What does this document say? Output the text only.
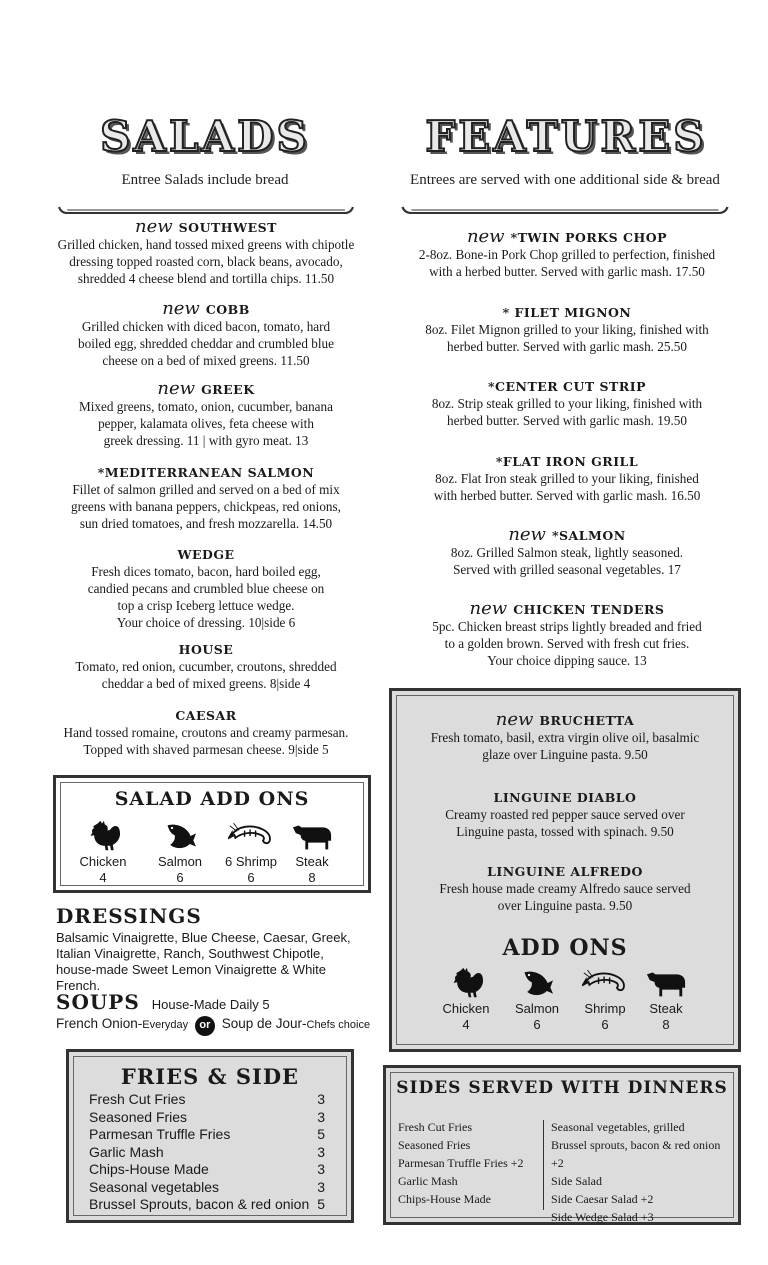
SALADS
Entree Salads include bread
new SOUTHWEST
Grilled chicken, hand tossed mixed greens with chipotle
dressing topped roasted corn, black beans, avocado,
shredded 4 cheese blend and tortilla chips. 11.50
new COBB
Grilled chicken with diced bacon, tomato, hard
boiled egg, shredded cheddar and crumbled blue
cheese on a bed of mixed greens. 11.50
new GREEK
Mixed greens, tomato, onion, cucumber, banana
pepper, kalamata olives, feta cheese with
greek dressing. 11 | with gyro meat. 13
*MEDITERRANEAN SALMON
Fillet of salmon grilled and served on a bed of mix
greens with banana peppers, chickpeas, red onions,
sun dried tomatoes, and fresh mozzarella. 14.50
WEDGE
Fresh dices tomato, bacon, hard boiled egg,
candied pecans and crumbled blue cheese on
top a crisp Iceberg lettuce wedge.
Your choice of dressing. 10|side 6
HOUSE
Tomato, red onion, cucumber, croutons, shredded
cheddar a bed of mixed greens. 8|side 4
CAESAR
Hand tossed romaine, croutons and creamy parmesan.
Topped with shaved parmesan cheese. 9|side 5
SALAD ADD ONS
Chicken
4
Salmon
6
6 Shrimp
6
Steak
8
DRESSINGS
Balsamic Vinaigrette, Blue Cheese, Caesar, Greek, Italian Vinaigrette, Ranch, Southwest Chipotle, house-made Sweet Lemon Vinaigrette & White French.
SOUPS House-Made Daily 5
French Onion-Everyday or Soup de Jour-Chefs choice
FRIES & SIDE
Fresh Cut Fries	3
Seasoned Fries	3
Parmesan Truffle Fries	5
Garlic Mash	3
Chips-House Made	3
Seasonal vegetables	3
Brussel Sprouts, bacon & red onion 5
FEATURES
Entrees are served with one additional side & bread
new *TWIN PORKS CHOP
2-8oz. Bone-in Pork Chop grilled to perfection, finished
with a herbed butter. Served with garlic mash. 17.50
* FILET MIGNON
8oz. Filet Mignon grilled to your liking, finished with
herbed butter. Served with garlic mash. 25.50
*CENTER CUT STRIP
8oz. Strip steak grilled to your liking, finished with
herbed butter. Served with garlic mash. 19.50
*FLAT IRON GRILL
8oz. Flat Iron steak grilled to your liking, finished
with herbed butter. Served with garlic mash. 16.50
new *SALMON
8oz. Grilled Salmon steak, lightly seasoned.
Served with grilled seasonal vegetables. 17
new CHICKEN TENDERS
5pc. Chicken breast strips lightly breaded and fried
to a golden brown. Served with fresh cut fries.
Your choice dipping sauce. 13
new BRUCHETTA
Fresh tomato, basil, extra virgin olive oil, basalmic
glaze over Linguine pasta. 9.50
LINGUINE DIABLO
Creamy roasted red pepper sauce served over
Linguine pasta, tossed with spinach. 9.50
LINGUINE ALFREDO
Fresh house made creamy Alfredo sauce served
over Linguine pasta. 9.50
ADD ONS
Chicken
4
Salmon
6
Shrimp
6
Steak
8
SIDES SERVED WITH DINNERS
Fresh Cut Fries
Seasoned Fries
Parmesan Truffle Fries +2
Garlic Mash
Chips-House Made
Seasonal vegetables, grilled
Brussel sprouts, bacon & red onion +2
Side Salad
Side Caesar Salad +2
Side Wedge Salad +3
